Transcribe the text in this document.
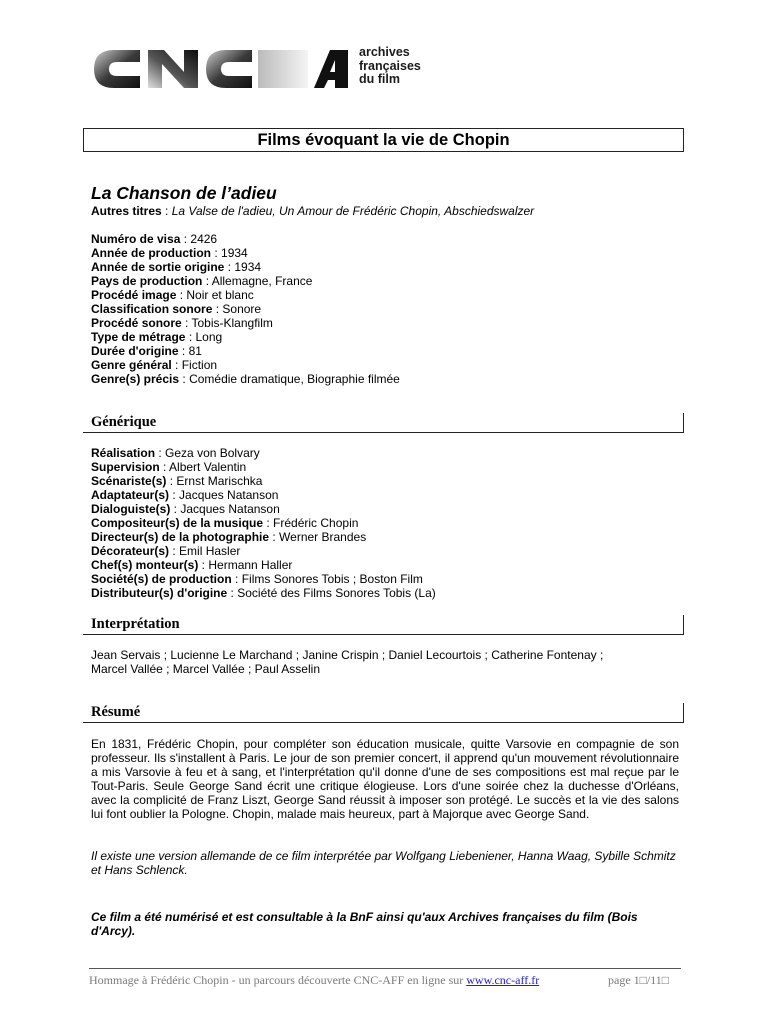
archives
françaises
du film
Films évoquant la vie de Chopin
La Chanson de l’adieu
Autres titres : La Valse de l'adieu, Un Amour de Frédéric Chopin, Abschiedswalzer
Numéro de visa : 2426
Année de production : 1934
Année de sortie origine : 1934
Pays de production : Allemagne, France
Procédé image : Noir et blanc
Classification sonore : Sonore
Procédé sonore : Tobis-Klangfilm
Type de métrage : Long
Durée d'origine : 81
Genre général : Fiction
Genre(s) précis : Comédie dramatique, Biographie filmée
Générique
Réalisation : Geza von Bolvary
Supervision : Albert Valentin
Scénariste(s) : Ernst Marischka
Adaptateur(s) : Jacques Natanson
Dialoguiste(s) : Jacques Natanson
Compositeur(s) de la musique : Frédéric Chopin
Directeur(s) de la photographie : Werner Brandes
Décorateur(s) : Emil Hasler
Chef(s) monteur(s) : Hermann Haller
Société(s) de production : Films Sonores Tobis ; Boston Film
Distributeur(s) d'origine : Société des Films Sonores Tobis (La)
Interprétation
Jean Servais ; Lucienne Le Marchand ; Janine Crispin ; Daniel Lecourtois ; Catherine Fontenay ;
Marcel Vallée ; Marcel Vallée ; Paul Asselin
Résumé
En 1831, Frédéric Chopin, pour compléter son éducation musicale, quitte Varsovie en compagnie de son professeur. Ils s'installent à Paris. Le jour de son premier concert, il apprend qu'un mouvement révolutionnaire a mis Varsovie à feu et à sang, et l'interprétation qu'il donne d'une de ses compositions est mal reçue par le Tout-Paris. Seule George Sand écrit une critique élogieuse. Lors d'une soirée chez la duchesse d'Orléans, avec la complicité de Franz Liszt, George Sand réussit à imposer son protégé. Le succès et la vie des salons lui font oublier la Pologne. Chopin, malade mais heureux, part à Majorque avec George Sand.
Il existe une version allemande de ce film interprétée par Wolfgang Liebeniener, Hanna Waag, Sybille Schmitz et Hans Schlenck.
Ce film a été numérisé et est consultable à la BnF ainsi qu'aux Archives françaises du film (Bois d'Arcy).
Hommage à Frédéric Chopin - un parcours découverte CNC-AFF en ligne sur www.cnc-aff.fr	page 1□/11□
